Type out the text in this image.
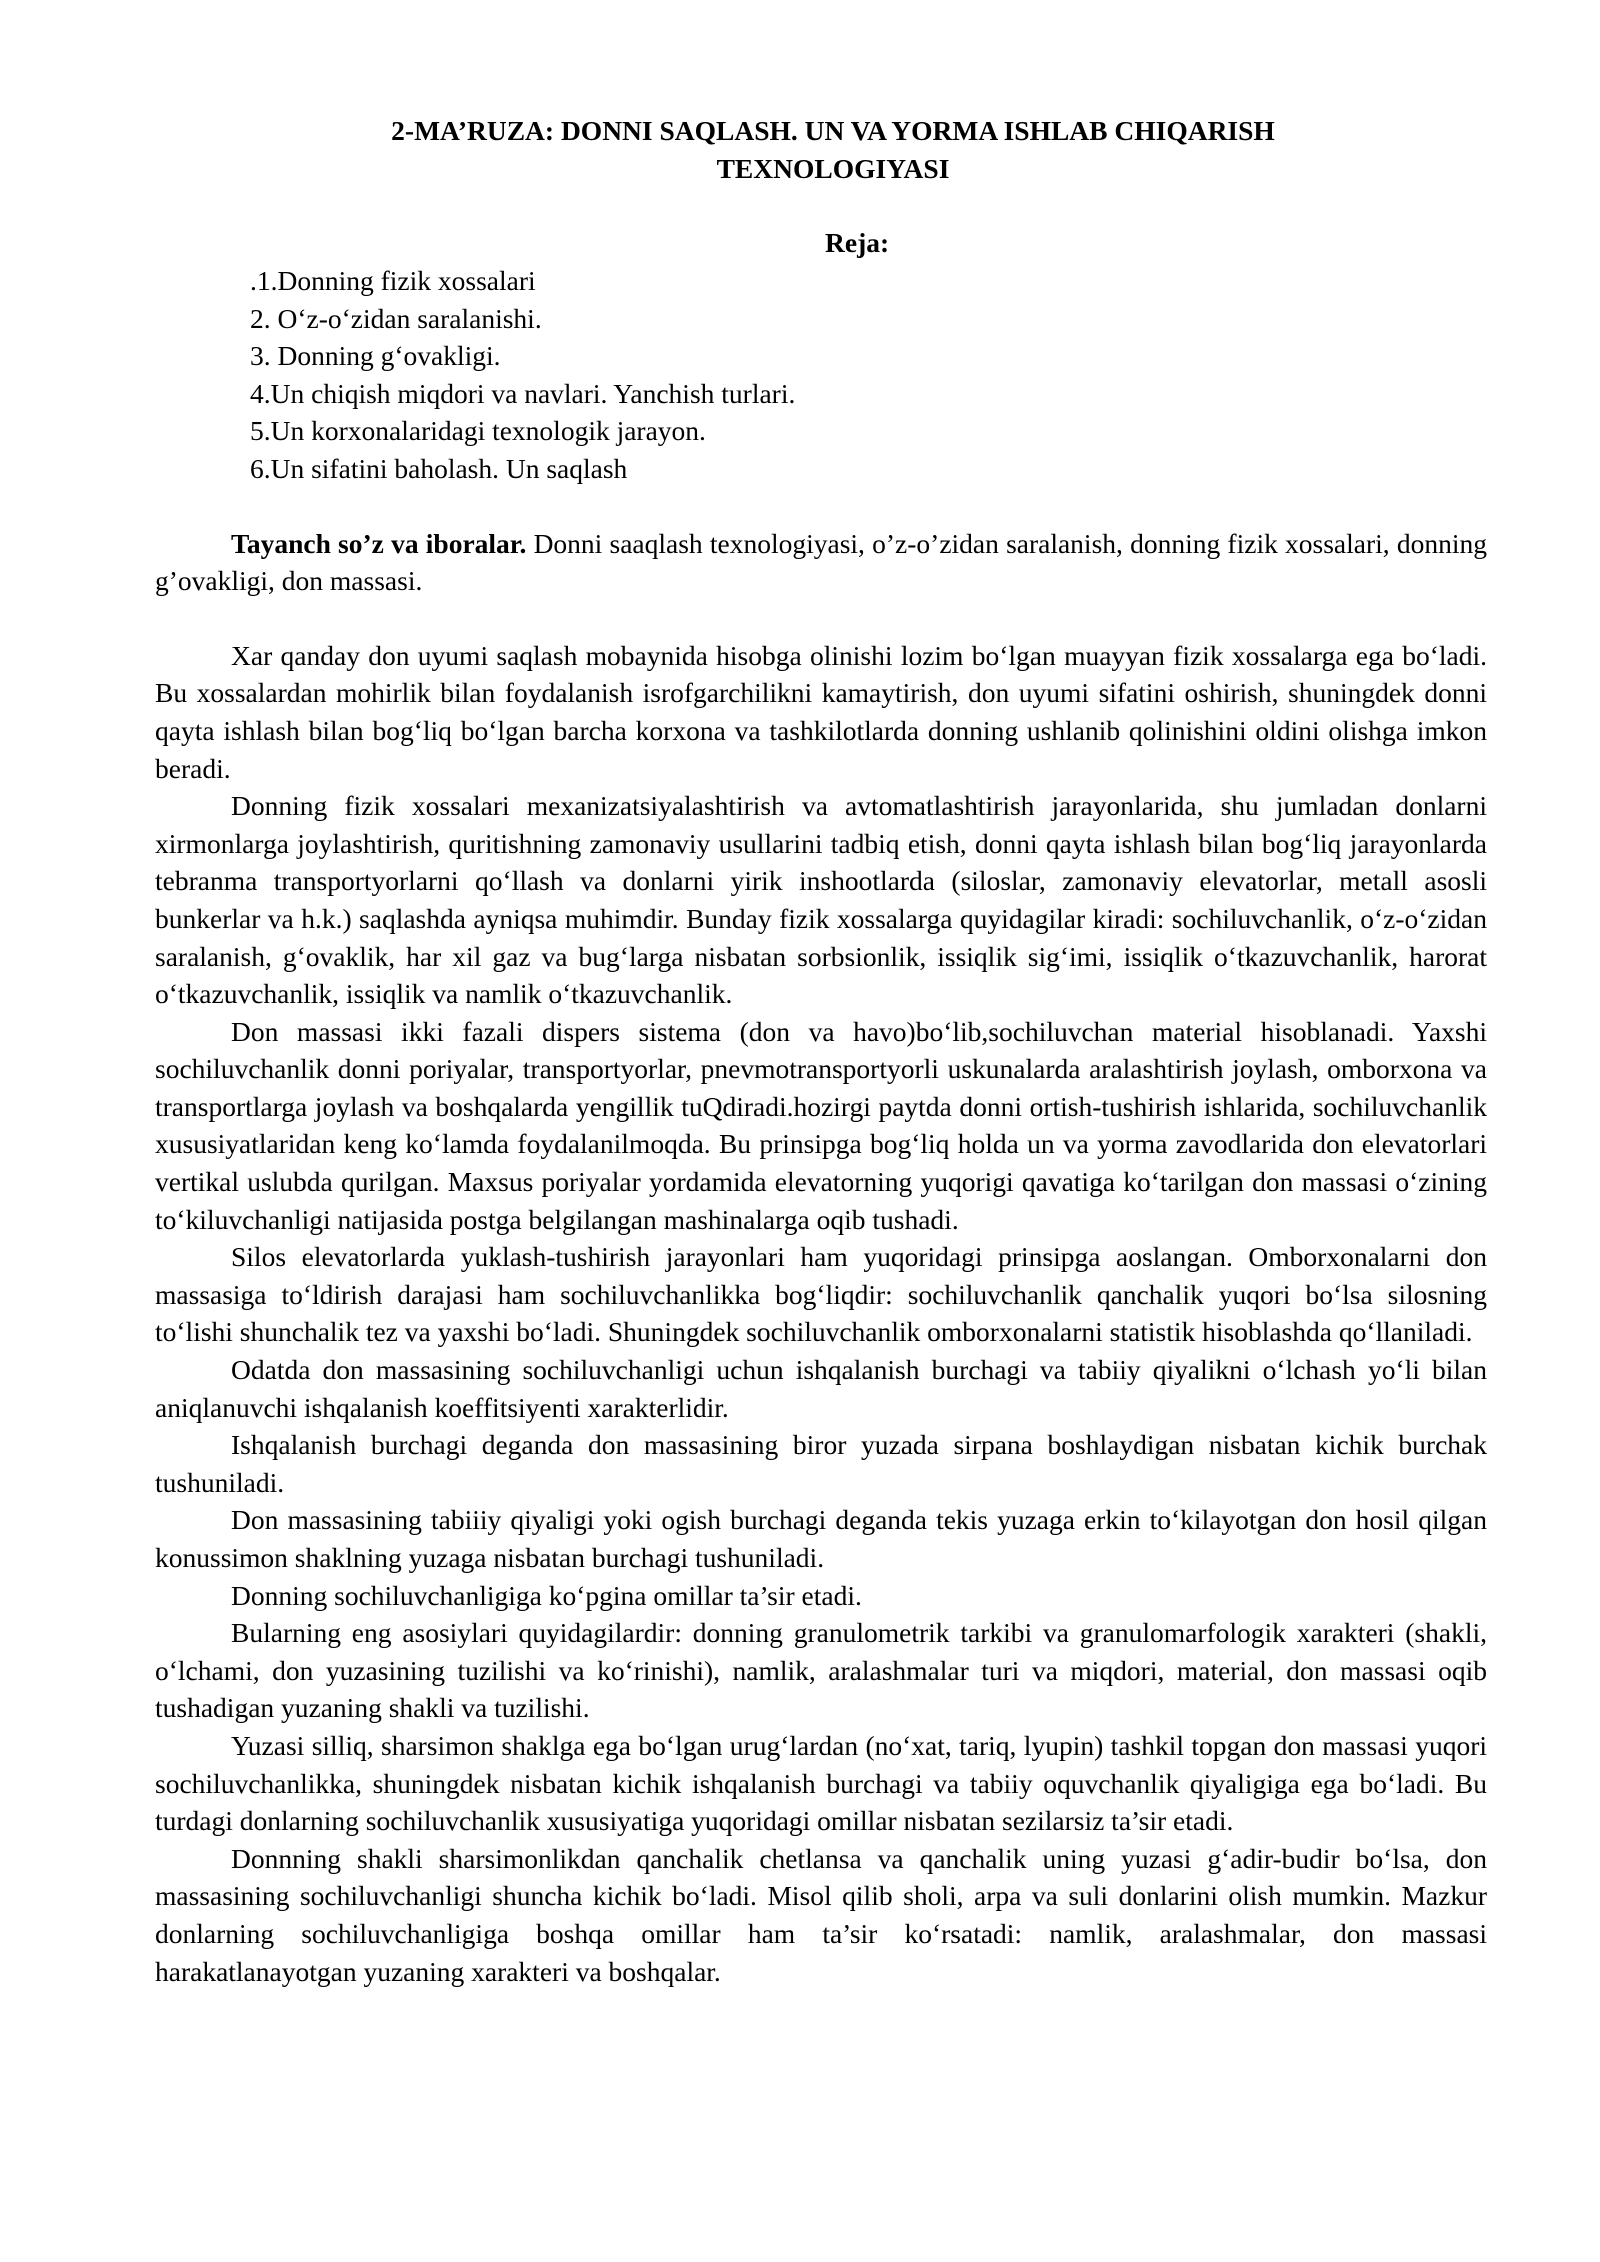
2-MA’RUZA: DONNI SAQLASH. UN VA YORMA ISHLAB CHIQARISH
TEXNOLOGIYASI
Reja:
.1.Donning fizik xossalari
2. O‘z-o‘zidan saralanishi.
3. Donning g‘ovakligi.
4.Un chiqish miqdori va navlari. Yanchish turlari.
5.Un korxonalaridagi texnologik jarayon.
6.Un sifatini baholash. Un saqlash

Tayanch so’z va iboralar. Donni saaqlash texnologiyasi, o’z-o’zidan saralanish, donning fizik xossalari, donning g’ovakligi, don massasi.

Xar qanday don uyumi saqlash mobaynida hisobga olinishi lozim bo‘lgan muayyan fizik xossalarga ega bo‘ladi. Bu xossalardan mohirlik bilan foydalanish isrofgarchilikni kamaytirish, don uyumi sifatini oshirish, shuningdek donni qayta ishlash bilan bog‘liq bo‘lgan barcha korxona va tashkilotlarda donning ushlanib qolinishini oldini olishga imkon beradi.

Donning fizik xossalari mexanizatsiyalashtirish va avtomatlashtirish jarayonlarida, shu jumladan donlarni xirmonlarga joylashtirish, quritishning zamonaviy usullarini tadbiq etish, donni qayta ishlash bilan bog‘liq jarayonlarda tebranma transportyorlarni qo‘llash va donlarni yirik inshootlarda (siloslar, zamonaviy elevatorlar, metall asosli bunkerlar va h.k.) saqlashda ayniqsa muhimdir. Bunday fizik xossalarga quyidagilar kiradi: sochiluvchanlik, o‘z-o‘zidan saralanish, g‘ovaklik, har xil gaz va bug‘larga nisbatan sorbsionlik, issiqlik sig‘imi, issiqlik o‘tkazuvchanlik, harorat o‘tkazuvchanlik, issiqlik va namlik o‘tkazuvchanlik.

Don massasi ikki fazali dispers sistema (don va havo)bo‘lib,sochiluvchan material hisoblanadi. Yaxshi sochiluvchanlik donni poriyalar, transportyorlar, pnevmotransportyorli uskunalarda aralashtirish joylash, omborxona va transportlarga joylash va boshqalarda yengillik tuQdiradi.hozirgi paytda donni ortish-tushirish ishlarida, sochiluvchanlik xususiyatlaridan keng ko‘lamda foydalanilmoqda. Bu prinsipga bog‘liq holda un va yorma zavodlarida don elevatorlari vertikal uslubda qurilgan. Maxsus poriyalar yordamida elevatorning yuqorigi qavatiga ko‘tarilgan don massasi o‘zining to‘kiluvchanligi natijasida postga belgilangan mashinalarga oqib tushadi.

Silos elevatorlarda yuklash-tushirish jarayonlari ham yuqoridagi prinsipga aoslangan. Omborxonalarni don massasiga to‘ldirish darajasi ham sochiluvchanlikka bog‘liqdir: sochiluvchanlik qanchalik yuqori bo‘lsa silosning to‘lishi shunchalik tez va yaxshi bo‘ladi. Shuningdek sochiluvchanlik omborxonalarni statistik hisoblashda qo‘llaniladi.

Odatda don massasining sochiluvchanligi uchun ishqalanish burchagi va tabiiy qiyalikni o‘lchash yo‘li bilan aniqlanuvchi ishqalanish koeffitsiyenti xarakterlidir.

Ishqalanish burchagi deganda don massasining biror yuzada sirpana boshlaydigan nisbatan kichik burchak tushuniladi.

Don massasining tabiiiy qiyaligi yoki ogish burchagi deganda tekis yuzaga erkin to‘kilayotgan don hosil qilgan konussimon shaklning yuzaga nisbatan burchagi tushuniladi.

Donning sochiluvchanligiga ko‘pgina omillar ta’sir etadi.

Bularning eng asosiylari quyidagilardir: donning granulometrik tarkibi va granulomarfologik xarakteri (shakli, o‘lchami, don yuzasining tuzilishi va ko‘rinishi), namlik, aralashmalar turi va miqdori, material, don massasi oqib tushadigan yuzaning shakli va tuzilishi.

Yuzasi silliq, sharsimon shaklga ega bo‘lgan urug‘lardan (no‘xat, tariq, lyupin) tashkil topgan don massasi yuqori sochiluvchanlikka, shuningdek nisbatan kichik ishqalanish burchagi va tabiiy oquvchanlik qiyaligiga ega bo‘ladi. Bu turdagi donlarning sochiluvchanlik xususiyatiga yuqoridagi omillar nisbatan sezilarsiz ta’sir etadi.

Donnning shakli sharsimonlikdan qanchalik chetlansa va qanchalik uning yuzasi g‘adir-budir bo‘lsa, don massasining sochiluvchanligi shuncha kichik bo‘ladi. Misol qilib sholi, arpa va suli donlarini olish mumkin. Mazkur donlarning sochiluvchanligiga boshqa omillar ham ta’sir ko‘rsatadi: namlik, aralashmalar, don massasi harakatlanayotgan yuzaning xarakteri va boshqalar.
